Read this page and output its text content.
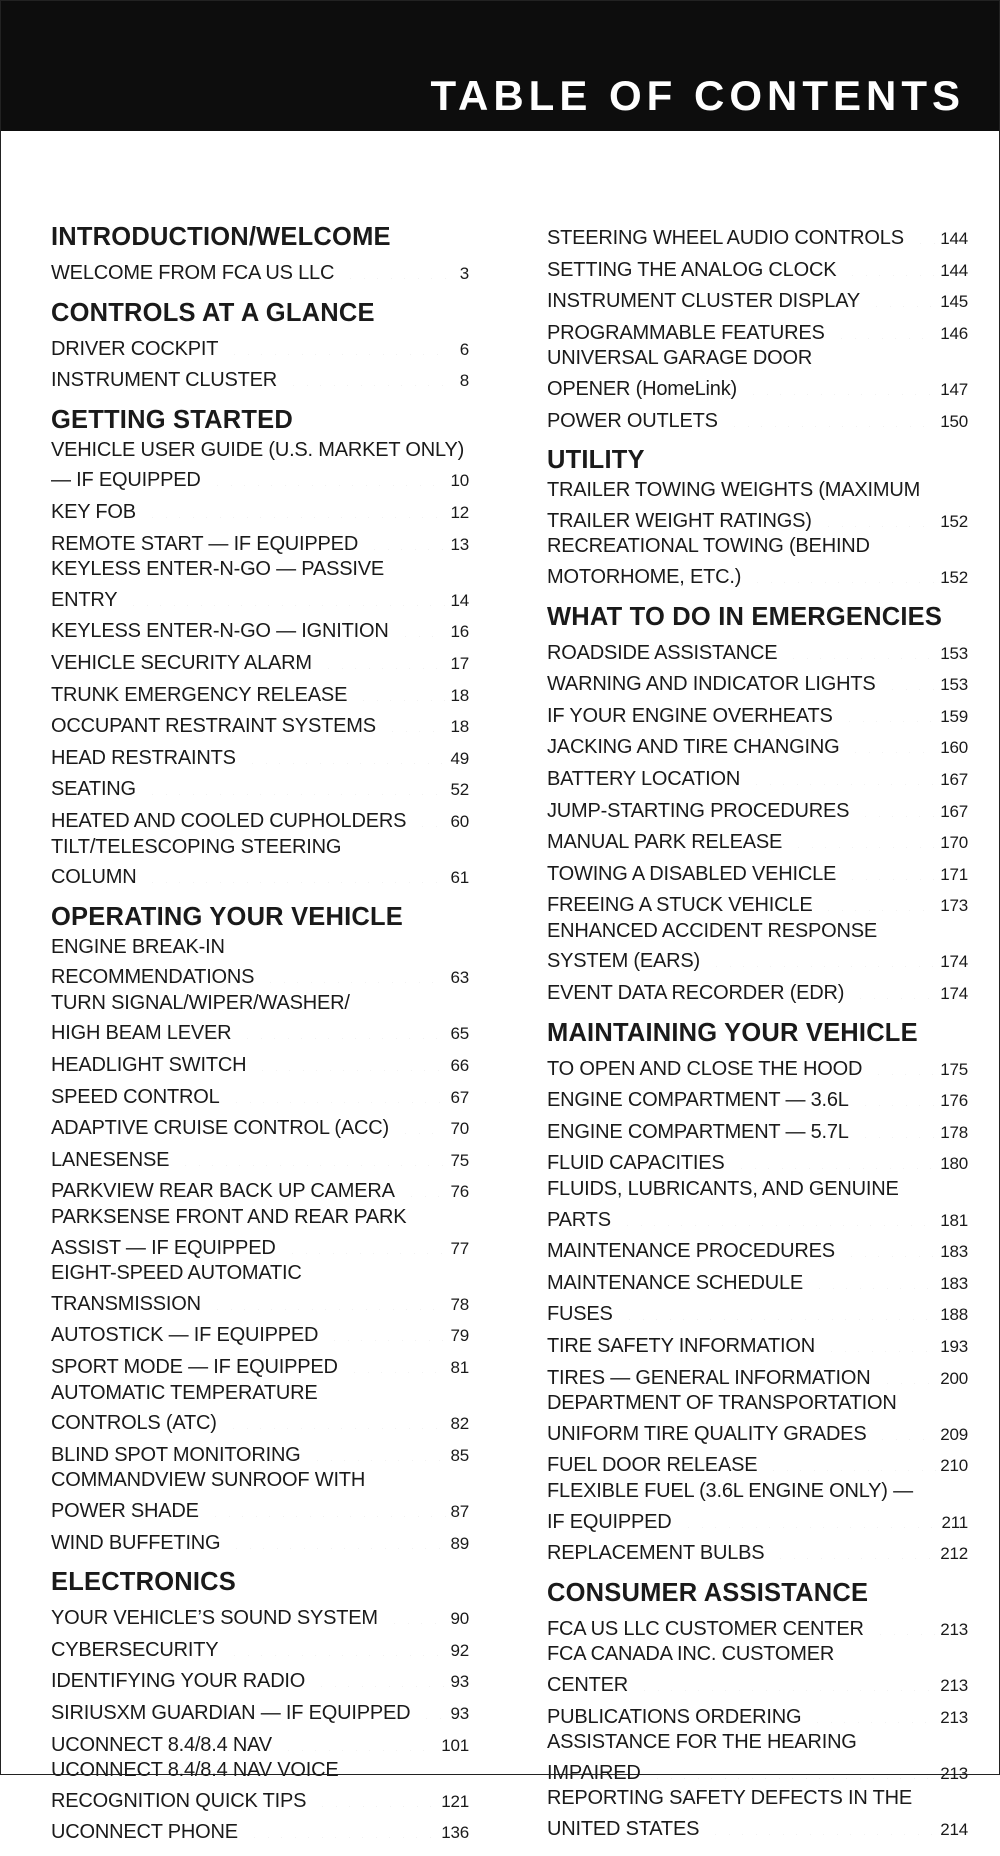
TABLE OF CONTENTS
INTRODUCTION/WELCOME
WELCOME FROM FCA US LLC	3
CONTROLS AT A GLANCE
DRIVER COCKPIT	6
INSTRUMENT CLUSTER	8
GETTING STARTED
VEHICLE USER GUIDE (U.S. MARKET ONLY)
— IF EQUIPPED	10
KEY FOB	12
REMOTE START — IF EQUIPPED	13
KEYLESS ENTER-N-GO — PASSIVE
ENTRY	14
KEYLESS ENTER-N-GO — IGNITION	16
VEHICLE SECURITY ALARM	17
TRUNK EMERGENCY RELEASE	18
OCCUPANT RESTRAINT SYSTEMS	18
HEAD RESTRAINTS	49
SEATING	52
HEATED AND COOLED CUPHOLDERS	60
TILT/TELESCOPING STEERING
COLUMN	61
OPERATING YOUR VEHICLE
ENGINE BREAK-IN
RECOMMENDATIONS	63
TURN SIGNAL/WIPER/WASHER/
HIGH BEAM LEVER	65
HEADLIGHT SWITCH	66
SPEED CONTROL	67
ADAPTIVE CRUISE CONTROL (ACC)	70
LANESENSE	75
PARKVIEW REAR BACK UP CAMERA	76
PARKSENSE FRONT AND REAR PARK
ASSIST — IF EQUIPPED	77
EIGHT-SPEED AUTOMATIC
TRANSMISSION	78
AUTOSTICK — IF EQUIPPED	79
SPORT MODE — IF EQUIPPED	81
AUTOMATIC TEMPERATURE
CONTROLS (ATC)	82
BLIND SPOT MONITORING	85
COMMANDVIEW SUNROOF WITH
POWER SHADE	87
WIND BUFFETING	89
ELECTRONICS
YOUR VEHICLE’S SOUND SYSTEM	90
CYBERSECURITY	92
IDENTIFYING YOUR RADIO	93
SIRIUSXM GUARDIAN — IF EQUIPPED 93
UCONNECT 8.4/8.4 NAV	101
UCONNECT 8.4/8.4 NAV VOICE
RECOGNITION QUICK TIPS	121
UCONNECT PHONE	136
STEERING WHEEL AUDIO CONTROLS 144
SETTING THE ANALOG CLOCK	144
INSTRUMENT CLUSTER DISPLAY	145
PROGRAMMABLE FEATURES	146
UNIVERSAL GARAGE DOOR
OPENER (HomeLink)	147
POWER OUTLETS	150
UTILITY
TRAILER TOWING WEIGHTS (MAXIMUM
TRAILER WEIGHT RATINGS)	152
RECREATIONAL TOWING (BEHIND
MOTORHOME, ETC.)	152
WHAT TO DO IN EMERGENCIES
ROADSIDE ASSISTANCE	153
WARNING AND INDICATOR LIGHTS	153
IF YOUR ENGINE OVERHEATS	159
JACKING AND TIRE CHANGING	160
BATTERY LOCATION	167
JUMP-STARTING PROCEDURES	167
MANUAL PARK RELEASE	170
TOWING A DISABLED VEHICLE	171
FREEING A STUCK VEHICLE	173
ENHANCED ACCIDENT RESPONSE
SYSTEM (EARS)	174
EVENT DATA RECORDER (EDR)	174
MAINTAINING YOUR VEHICLE
TO OPEN AND CLOSE THE HOOD	175
ENGINE COMPARTMENT — 3.6L	176
ENGINE COMPARTMENT — 5.7L	178
FLUID CAPACITIES	180
FLUIDS, LUBRICANTS, AND GENUINE
PARTS	181
MAINTENANCE PROCEDURES	183
MAINTENANCE SCHEDULE	183
FUSES	188
TIRE SAFETY INFORMATION	193
TIRES — GENERAL INFORMATION	200
DEPARTMENT OF TRANSPORTATION
UNIFORM TIRE QUALITY GRADES	209
FUEL DOOR RELEASE	210
FLEXIBLE FUEL (3.6L ENGINE ONLY) —
IF EQUIPPED	211
REPLACEMENT BULBS	212
CONSUMER ASSISTANCE
FCA US LLC CUSTOMER CENTER	213
FCA CANADA INC. CUSTOMER
CENTER	213
PUBLICATIONS ORDERING	213
ASSISTANCE FOR THE HEARING
IMPAIRED	213
REPORTING SAFETY DEFECTS IN THE
UNITED STATES	214
